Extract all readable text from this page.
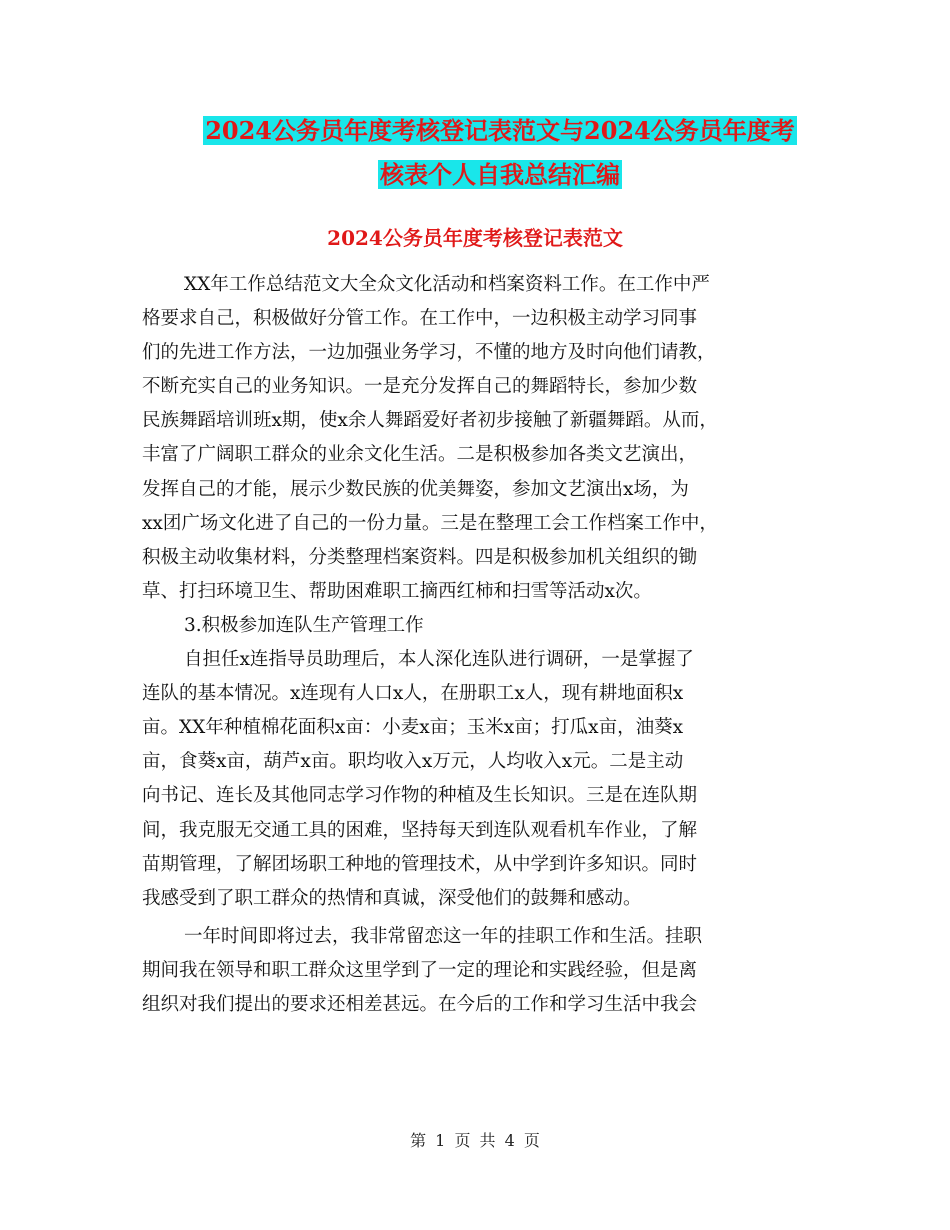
2024公务员年度考核登记表范文与2024公务员年度考
核表个人自我总结汇编
2024公务员年度考核登记表范文
XX年工作总结范文大全众文化活动和档案资料工作。在工作中严
格要求自己，积极做好分管工作。在工作中，一边积极主动学习同事
们的先进工作方法，一边加强业务学习，不懂的地方及时向他们请教，
不断充实自己的业务知识。一是充分发挥自己的舞蹈特长，参加少数
民族舞蹈培训班x期，使x余人舞蹈爱好者初步接触了新疆舞蹈。从而，
丰富了广阔职工群众的业余文化生活。二是积极参加各类文艺演出，
发挥自己的才能，展示少数民族的优美舞姿，参加文艺演出x场，为
xx团广场文化进了自己的一份力量。三是在整理工会工作档案工作中，
积极主动收集材料，分类整理档案资料。四是积极参加机关组织的锄
草、打扫环境卫生、帮助困难职工摘西红柿和扫雪等活动x次。
3.积极参加连队生产管理工作
自担任x连指导员助理后，本人深化连队进行调研，一是掌握了
连队的基本情况。x连现有人口x人，在册职工x人，现有耕地面积x
亩。XX年种植棉花面积x亩：小麦x亩；玉米x亩；打瓜x亩，油葵x
亩，食葵x亩，葫芦x亩。职均收入x万元，人均收入x元。二是主动
向书记、连长及其他同志学习作物的种植及生长知识。三是在连队期
间，我克服无交通工具的困难，坚持每天到连队观看机车作业，了解
苗期管理，了解团场职工种地的管理技术，从中学到许多知识。同时
我感受到了职工群众的热情和真诚，深受他们的鼓舞和感动。
一年时间即将过去，我非常留恋这一年的挂职工作和生活。挂职
期间我在领导和职工群众这里学到了一定的理论和实践经验，但是离
组织对我们提出的要求还相差甚远。在今后的工作和学习生活中我会
第 1 页 共 4 页
